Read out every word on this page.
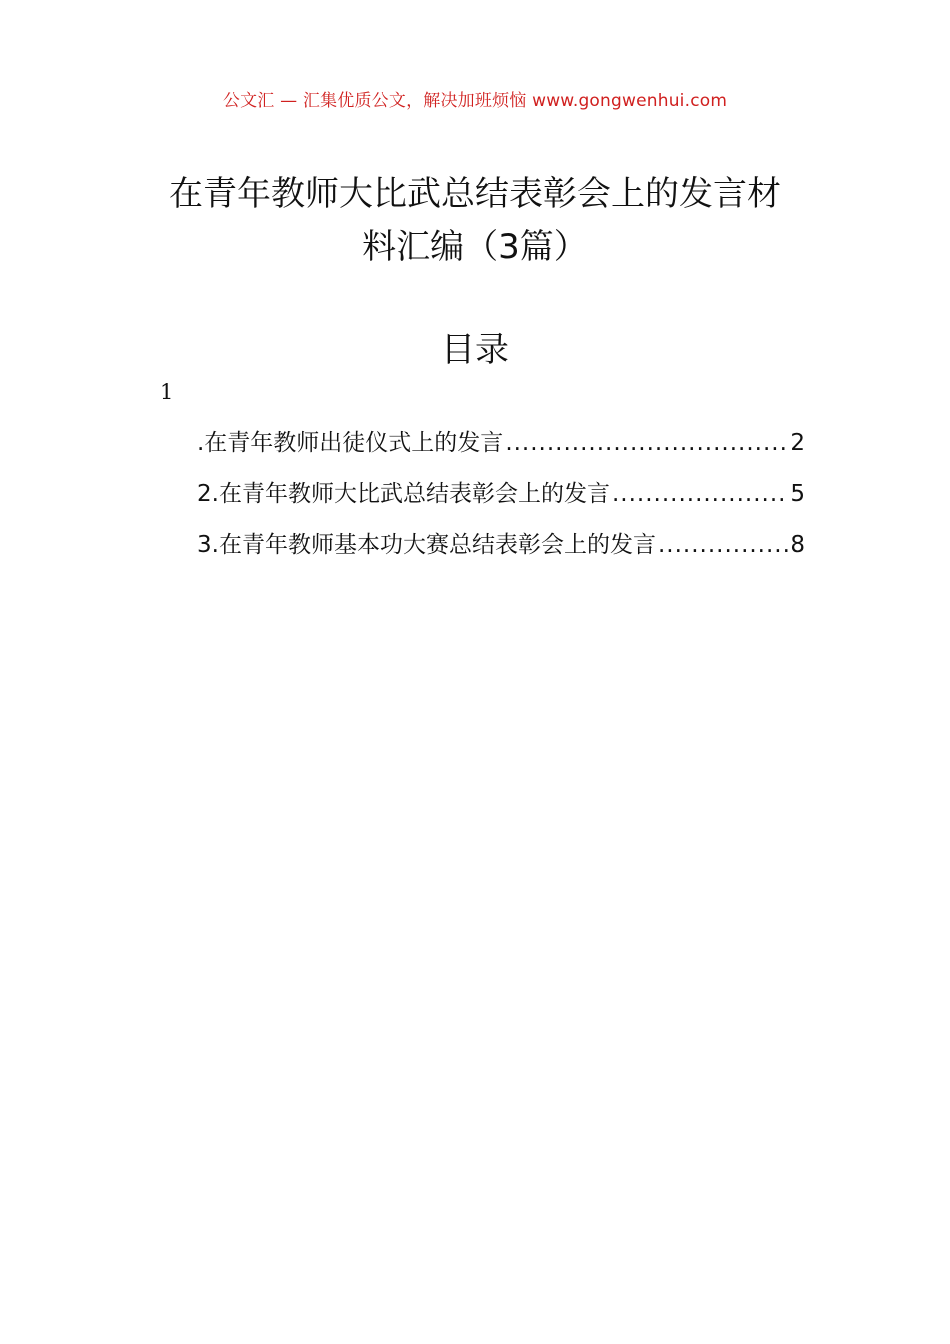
公文汇 — 汇集优质公文，解决加班烦恼 www.gongwenhui.com
在青年教师大比武总结表彰会上的发言材
料汇编（3篇）
目录
1
.在青年教师出徒仪式上的发言 .....	2
2.在青年教师大比武总结表彰会上的发言 .....	5
3.在青年教师基本功大赛总结表彰会上的发言 .....	8
